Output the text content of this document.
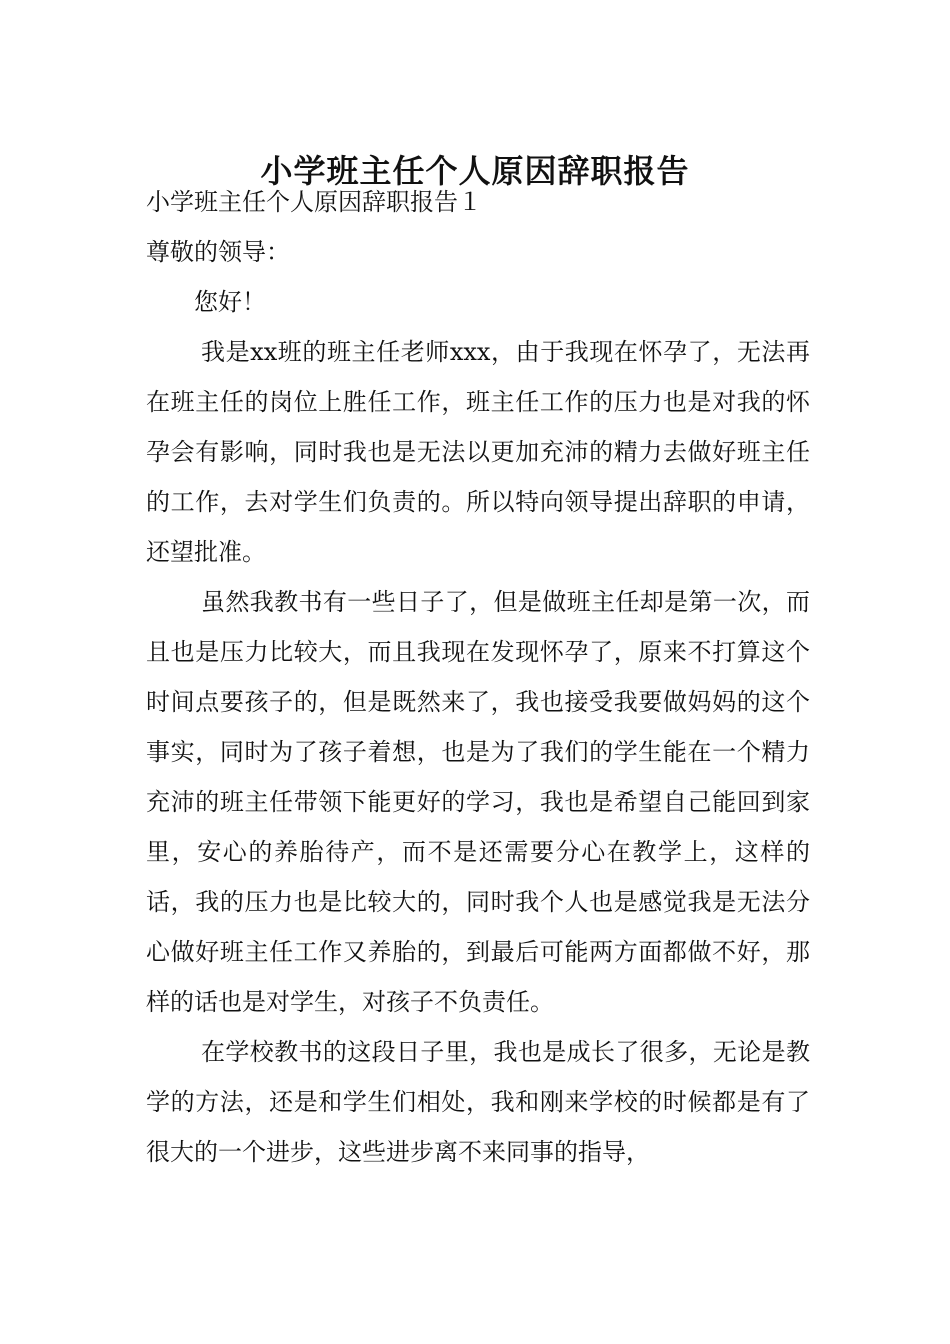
小学班主任个人原因辞职报告

小学班主任个人原因辞职报告１

尊敬的领导：

您好！

我是xx班的班主任老师xxx，由于我现在怀孕了，无法再在班主任的岗位上胜任工作，班主任工作的压力也是对我的怀孕会有影响，同时我也是无法以更加充沛的精力去做好班主任的工作，去对学生们负责的。所以特向领导提出辞职的申请，还望批准。

虽然我教书有一些日子了，但是做班主任却是第一次，而且也是压力比较大，而且我现在发现怀孕了，原来不打算这个时间点要孩子的，但是既然来了，我也接受我要做妈妈的这个事实，同时为了孩子着想，也是为了我们的学生能在一个精力充沛的班主任带领下能更好的学习，我也是希望自己能回到家里，安心的养胎待产，而不是还需要分心在教学上，这样的话，我的压力也是比较大的，同时我个人也是感觉我是无法分心做好班主任工作又养胎的，到最后可能两方面都做不好，那样的话也是对学生，对孩子不负责任。

在学校教书的这段日子里，我也是成长了很多，无论是教学的方法，还是和学生们相处，我和刚来学校的时候都是有了很大的一个进步，这些进步离不来同事的指导，
